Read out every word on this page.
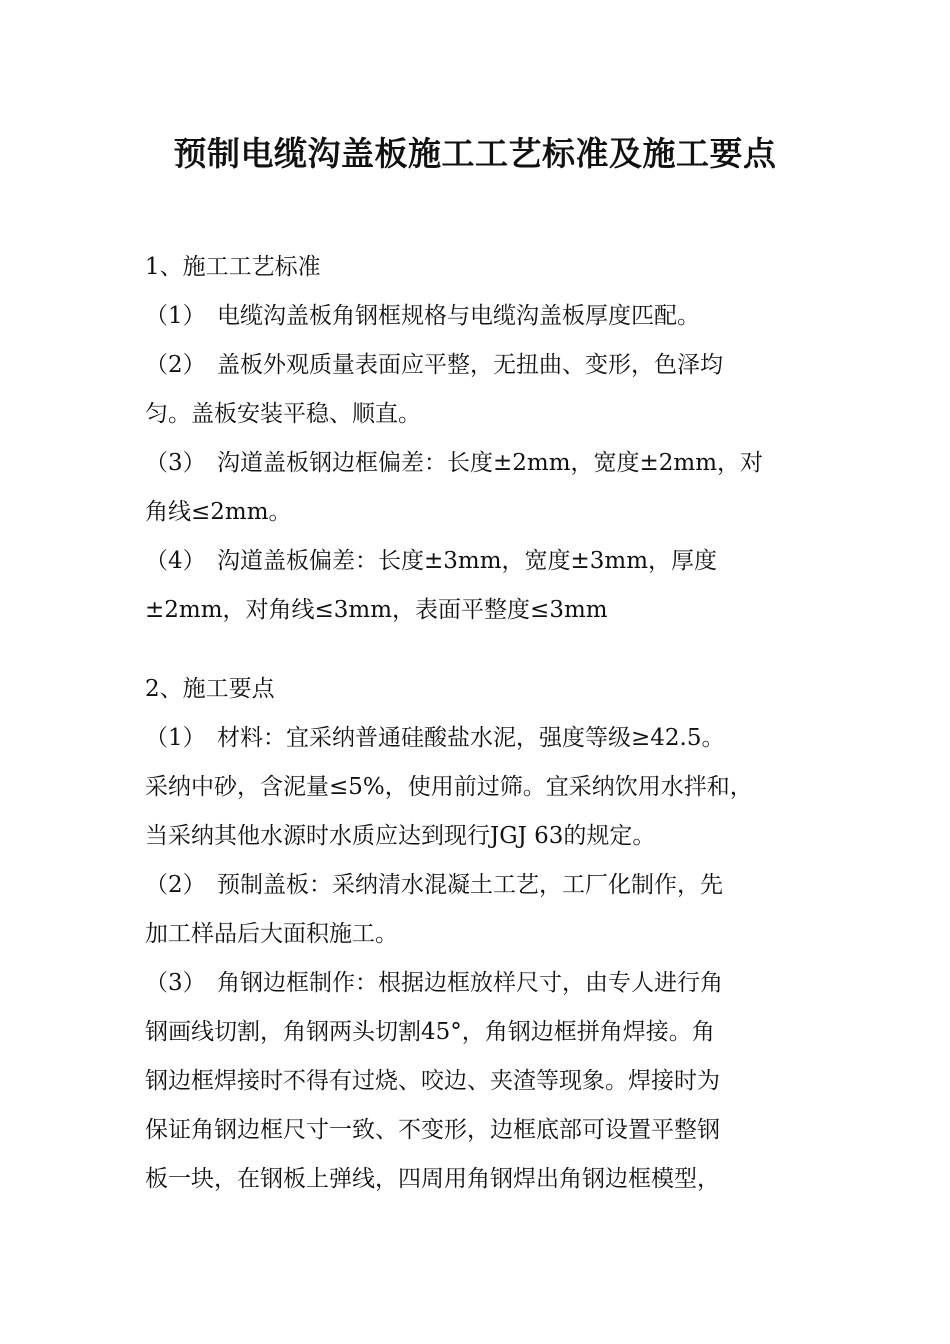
预制电缆沟盖板施工工艺标准及施工要点
1、施工工艺标准
（1） 电缆沟盖板角钢框规格与电缆沟盖板厚度匹配。
（2） 盖板外观质量表面应平整，无扭曲、变形，色泽均
匀。盖板安装平稳、顺直。
（3） 沟道盖板钢边框偏差：长度±2mm，宽度±2mm，对
角线≤2mm。
（4） 沟道盖板偏差：长度±3mm，宽度±3mm，厚度
±2mm，对角线≤3mm，表面平整度≤3mm
2、施工要点
（1） 材料：宜采纳普通硅酸盐水泥，强度等级≥42.5。
采纳中砂，含泥量≤5%，使用前过筛。宜采纳饮用水拌和，
当采纳其他水源时水质应达到现行JGJ 63的规定。
（2） 预制盖板：采纳清水混凝土工艺，工厂化制作，先
加工样品后大面积施工。
（3） 角钢边框制作：根据边框放样尺寸，由专人进行角
钢画线切割，角钢两头切割45°，角钢边框拼角焊接。角
钢边框焊接时不得有过烧、咬边、夹渣等现象。焊接时为
保证角钢边框尺寸一致、不变形，边框底部可设置平整钢
板一块，在钢板上弹线，四周用角钢焊出角钢边框模型，
